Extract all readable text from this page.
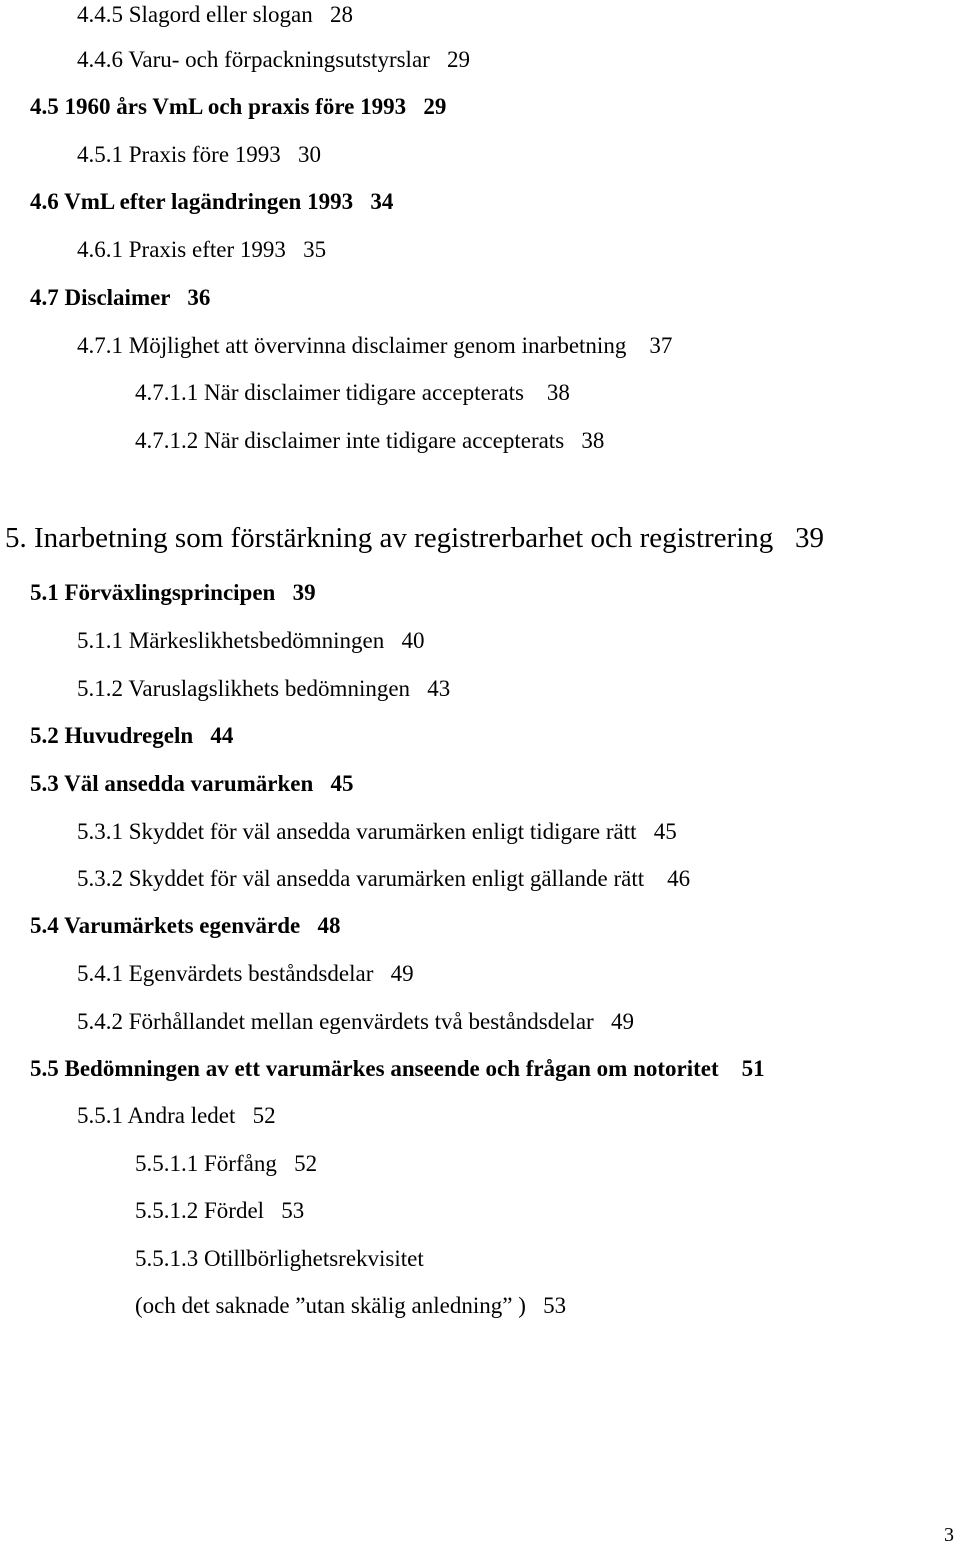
4.4.5 Slagord eller slogan   28
4.4.6 Varu- och förpackningsutstyrslar   29
4.5 1960 års VmL och praxis före 1993   29
4.5.1 Praxis före 1993   30
4.6 VmL efter lagändringen 1993   34
4.6.1 Praxis efter 1993   35
4.7 Disclaimer   36
4.7.1 Möjlighet att övervinna disclaimer genom inarbetning    37
4.7.1.1 När disclaimer tidigare accepterats    38
4.7.1.2 När disclaimer inte tidigare accepterats   38
5. Inarbetning som förstärkning av registrerbarhet och registrering   39
5.1 Förväxlingsprincipen   39
5.1.1 Märkeslikhetsbedömningen   40
5.1.2 Varuslagslikhets bedömningen   43
5.2 Huvudregeln   44
5.3 Väl ansedda varumärken   45
5.3.1 Skyddet för väl ansedda varumärken enligt tidigare rätt   45
5.3.2 Skyddet för väl ansedda varumärken enligt gällande rätt    46
5.4 Varumärkets egenvärde   48
5.4.1 Egenvärdets beståndsdelar   49
5.4.2 Förhållandet mellan egenvärdets två beståndsdelar   49
5.5 Bedömningen av ett varumärkes anseende och frågan om notoritet    51
5.5.1 Andra ledet   52
5.5.1.1 Förfång   52
5.5.1.2 Fördel   53
5.5.1.3 Otillbörlighetsrekvisitet
(och det saknade ”utan skälig anledning” )   53
3
